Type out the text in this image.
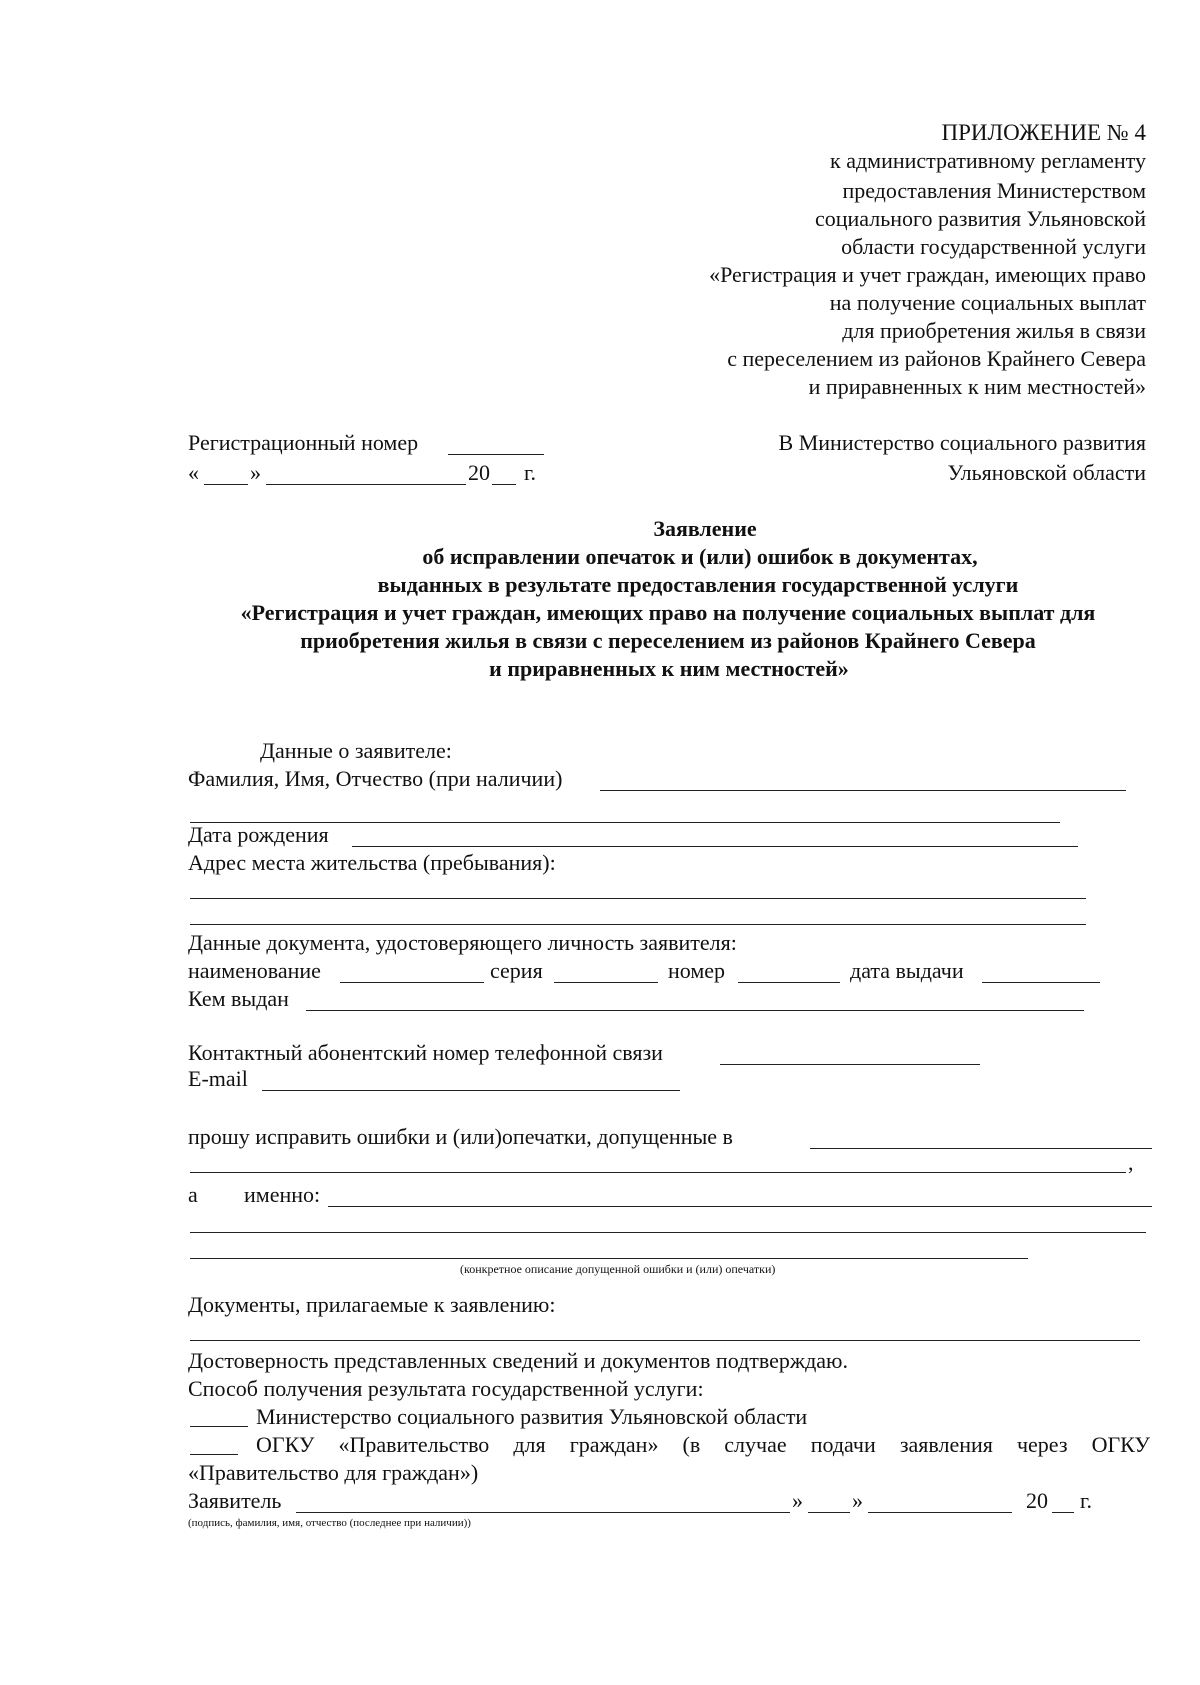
ПРИЛОЖЕНИЕ № 4
к административному регламенту
предоставления Министерством
социального развития Ульяновской
области государственной услуги
«Регистрация и учет граждан, имеющих право
на получение социальных выплат
для приобретения жилья в связи
с переселением из районов Крайнего Севера
и приравненных к ним местностей»
Регистрационный номер
« »	20 г.
В Министерство социального развития
Ульяновской области
Заявление
об исправлении опечаток и (или) ошибок в документах,
выданных в результате предоставления государственной услуги
«Регистрация и учет граждан, имеющих право на получение социальных выплат для
приобретения жилья в связи с переселением из районов Крайнего Севера
и приравненных к ним местностей»
Данные о заявителе:
Фамилия, Имя, Отчество (при наличии)
Дата рождения
Адрес места жительства (пребывания):
Данные документа, удостоверяющего личность заявителя:
наименование	серия	номер	дата выдачи
Кем выдан
Контактный абонентский номер телефонной связи
E-mail
прошу исправить ошибки и (или)опечатки, допущенные в
,
а именно:
(конкретное описание допущенной ошибки и (или) опечатки)
Документы, прилагаемые к заявлению:
Достоверность представленных сведений и документов подтверждаю.
Способ получения результата государственной услуги:
Министерство социального развития Ульяновской области
ОГКУ «Правительство для граждан» (в случае подачи заявления через ОГКУ
«Правительство для граждан»)
Заявитель	» »	20 г.
(подпись, фамилия, имя, отчество (последнее при наличии))
